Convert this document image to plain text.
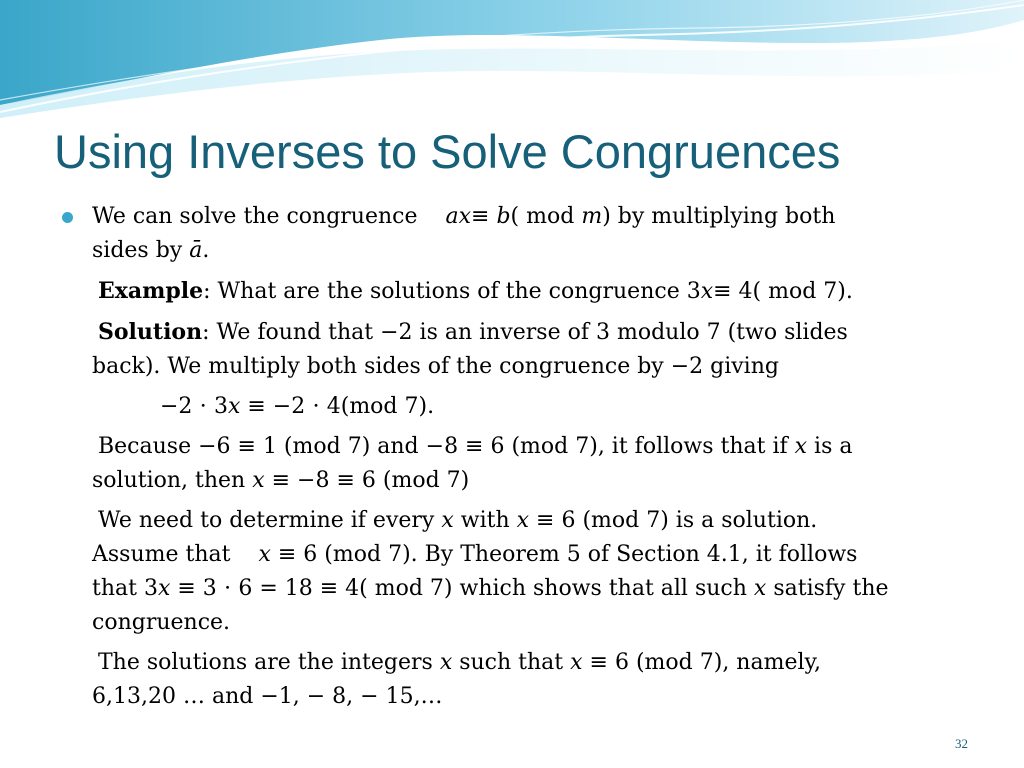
Using Inverses to Solve Congruences

We can solve the congruence ax≡ b( mod m) by multiplying both

sides by ā.

Example: What are the solutions of the congruence 3x≡ 4( mod 7).

Solution: We found that −2 is an inverse of 3 modulo 7 (two slides

back). We multiply both sides of the congruence by −2 giving

−2 ⋅ 3x ≡ −2 ⋅ 4(mod 7).

Because −6 ≡ 1 (mod 7) and −8 ≡ 6 (mod 7), it follows that if x is a

solution, then x ≡ −8 ≡ 6 (mod 7)

We need to determine if every x with x ≡ 6 (mod 7) is a solution.

Assume that x ≡ 6 (mod 7). By Theorem 5 of Section 4.1, it follows

that 3x ≡ 3 ⋅ 6 = 18 ≡ 4( mod 7) which shows that all such x satisfy the

congruence.

The solutions are the integers x such that x ≡ 6 (mod 7), namely,

6,13,20 … and −1, − 8, − 15,…

32
